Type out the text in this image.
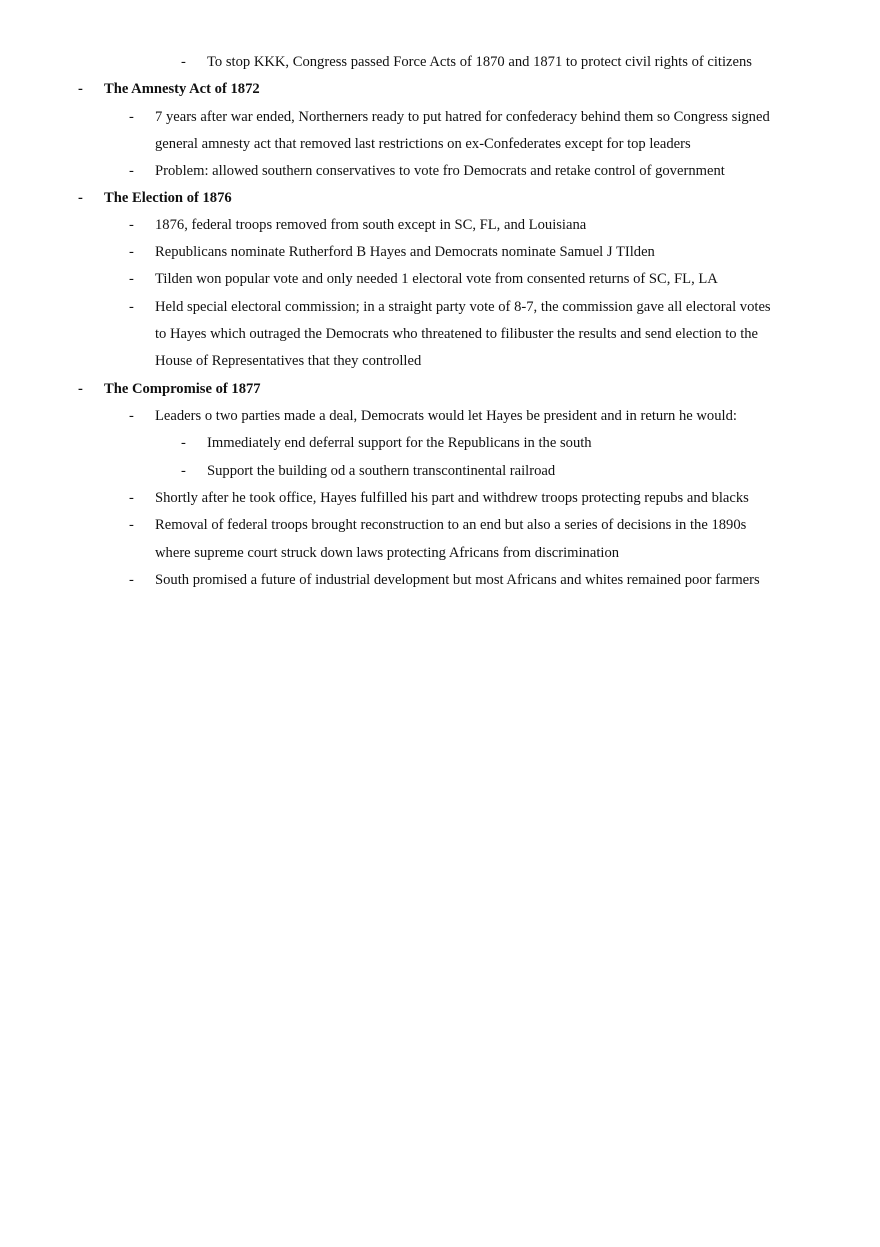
- To stop KKK, Congress passed Force Acts of 1870 and 1871 to protect civil rights of citizens
- The Amnesty Act of 1872
- 7 years after war ended, Northerners ready to put hatred for confederacy behind them so Congress signed
general amnesty act that removed last restrictions on ex-Confederates except for top leaders
- Problem: allowed southern conservatives to vote fro Democrats and retake control of government
- The Election of 1876
- 1876, federal troops removed from south except in SC, FL, and Louisiana
- Republicans nominate Rutherford B Hayes and Democrats nominate Samuel J TIlden
- Tilden won popular vote and only needed 1 electoral vote from consented returns of SC, FL, LA
- Held special electoral commission; in a straight party vote of 8-7, the commission gave all electoral votes
to Hayes which outraged the Democrats who threatened to filibuster the results and send election to the
House of Representatives that they controlled
- The Compromise of 1877
- Leaders o two parties made a deal, Democrats would let Hayes be president and in return he would:
- Immediately end deferral support for the Republicans in the south
- Support the building od a southern transcontinental railroad
- Shortly after he took office, Hayes fulfilled his part and withdrew troops protecting repubs and blacks
- Removal of federal troops brought reconstruction to an end but also a series of decisions in the 1890s
where supreme court struck down laws protecting Africans from discrimination
- South promised a future of industrial development but most Africans and whites remained poor farmers
